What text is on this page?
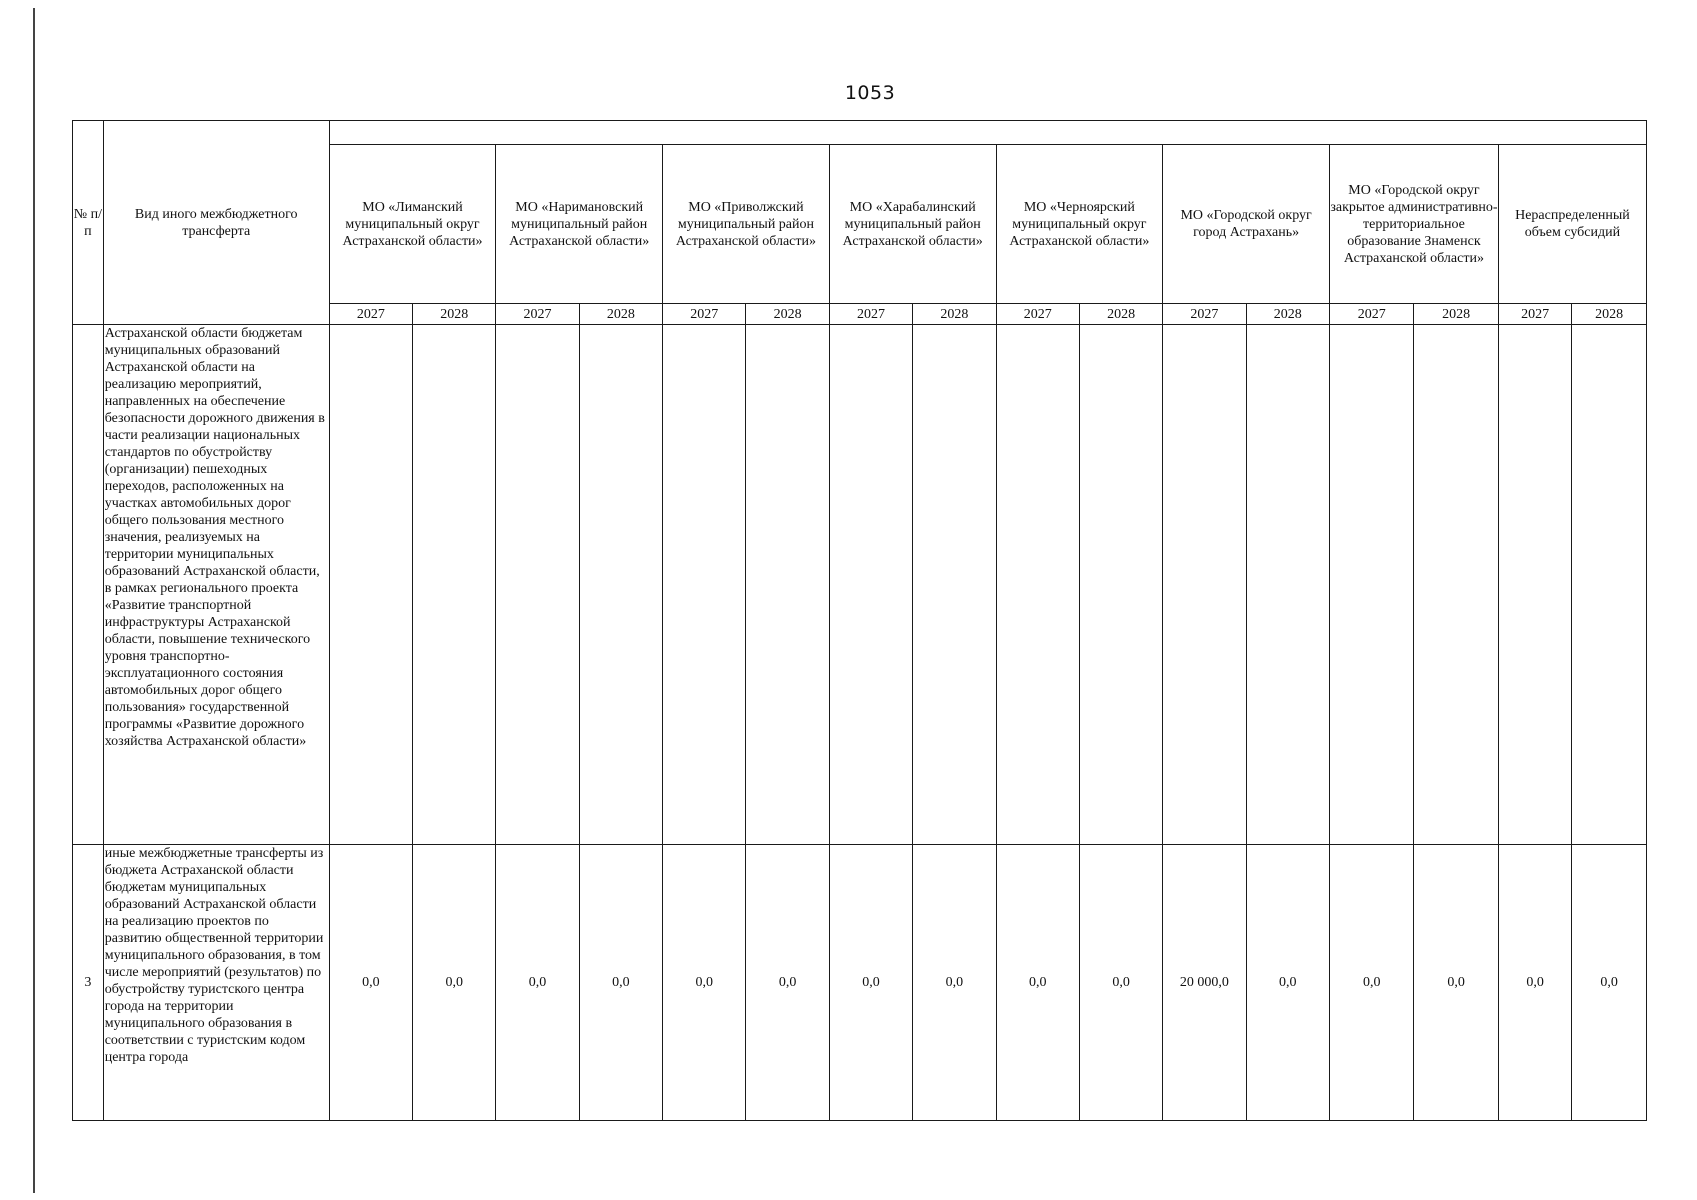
1053
№ п/п	Вид иного межбюджетного трансферта																
		МО «Лиманский муниципальный округ Астраханской области»		МО «Наримановский муниципальный район Астраханской области»		МО «Приволжский муниципальный район Астраханской области»		МО «Харабалинский муниципальный район Астраханской области»		МО «Черноярский муниципальный округ Астраханской области»		МО «Городской округ город Астрахань»		МО «Городской округ закрытое административно-территориальное образование Знаменск Астраханской области»		Нераспределенный объем субсидий	
		2027	2028	2027	2028	2027	2028	2027	2028	2027	2028	2027	2028	2027	2028	2027	2028
	Астраханской области бюджетам муниципальных образований Астраханской области на реализацию мероприятий, направленных на обеспечение безопасности дорожного движения в части реализации национальных стандартов по обустройству (организации) пешеходных переходов, расположенных на участках автомобильных дорог общего пользования местного значения, реализуемых на территории муниципальных образований Астраханской области, в рамках регионального проекта «Развитие транспортной инфраструктуры Астраханской области, повышение технического уровня транспортно-эксплуатационного состояния автомобильных дорог общего пользования» государственной программы «Развитие дорожного хозяйства Астраханской области»																
3	иные межбюджетные трансферты из бюджета Астраханской области бюджетам муниципальных образований Астраханской области на реализацию проектов по развитию общественной территории муниципального образования, в том числе мероприятий (результатов) по обустройству туристского центра города на территории муниципального образования в соответствии с туристским кодом центра города	0,0	0,0	0,0	0,0	0,0	0,0	0,0	0,0	0,0	0,0	20 000,0	0,0	0,0	0,0	0,0	0,0
